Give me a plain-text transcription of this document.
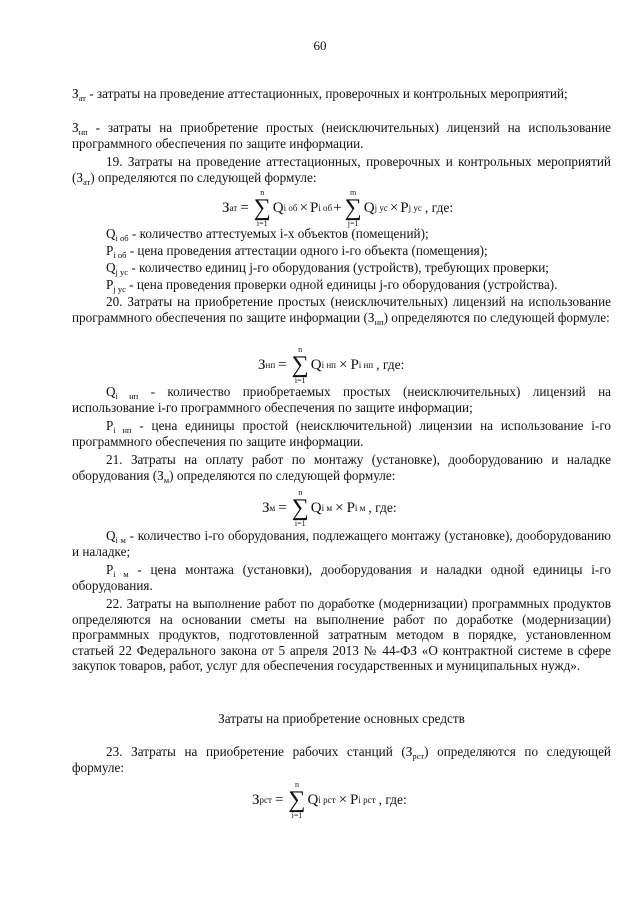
60
$З_{ат}$ - затраты на проведение аттестационных, проверочных и контрольных мероприятий;
$З_{нп}$ - затраты на приобретение простых (неисключительных) лицензий на использование программного обеспечения по защите информации.
19. Затраты на проведение аттестационных, проверочных и контрольных мероприятий $(З_{ат})$ определяются по следующей формуле:
З ат =
n
∑
i=1
Q i об × P i об +
m
∑
j=1
Q j ус × P j ус , где:
$Q_{i об}$ - количество аттестуемых i-х объектов (помещений);
$P_{i об}$ - цена проведения аттестации одного i-го объекта (помещения);
$Q_{j ус}$ - количество единиц j-го оборудования (устройств), требующих проверки;
$P_{j ус}$ - цена проведения проверки одной единицы j-го оборудования (устройства).
20. Затраты на приобретение простых (неисключительных) лицензий на использование программного обеспечения по защите информации $(З_{нп})$ определяются по следующей формуле:
З нп =
n
∑
i=1
Q i нп × P i нп , где:
$Q_{i нп}$ - количество приобретаемых простых (неисключительных) лицензий на использование i-го программного обеспечения по защите информации;
$P_{i нп}$ - цена единицы простой (неисключительной) лицензии на использование i-го программного обеспечения по защите информации.
21. Затраты на оплату работ по монтажу (установке), дооборудованию и наладке оборудования $(З_м)$ определяются по следующей формуле:
З м =
n
∑
i=1
Q i м × P i м , где:
$Q_{i м}$ - количество i-го оборудования, подлежащего монтажу (установке), дооборудованию и наладке;
$P_{i м}$ - цена монтажа (установки), дооборудования и наладки одной единицы i-го оборудования.
22. Затраты на выполнение работ по доработке (модернизации) программных продуктов определяются на основании сметы на выполнение работ по доработке (модернизации) программных продуктов, подготовленной затратным методом в порядке, установленном статьей 22 Федерального закона от 5 апреля 2013 № 44-ФЗ «О контрактной системе в сфере закупок товаров, работ, услуг для обеспечения государственных и муниципальных нужд».
Затраты на приобретение основных средств
23. Затраты на приобретение рабочих станций $(З_{рст})$ определяются по следующей формуле:
З рст =
n
∑
i=1
Q i рст × P i рст , где:
